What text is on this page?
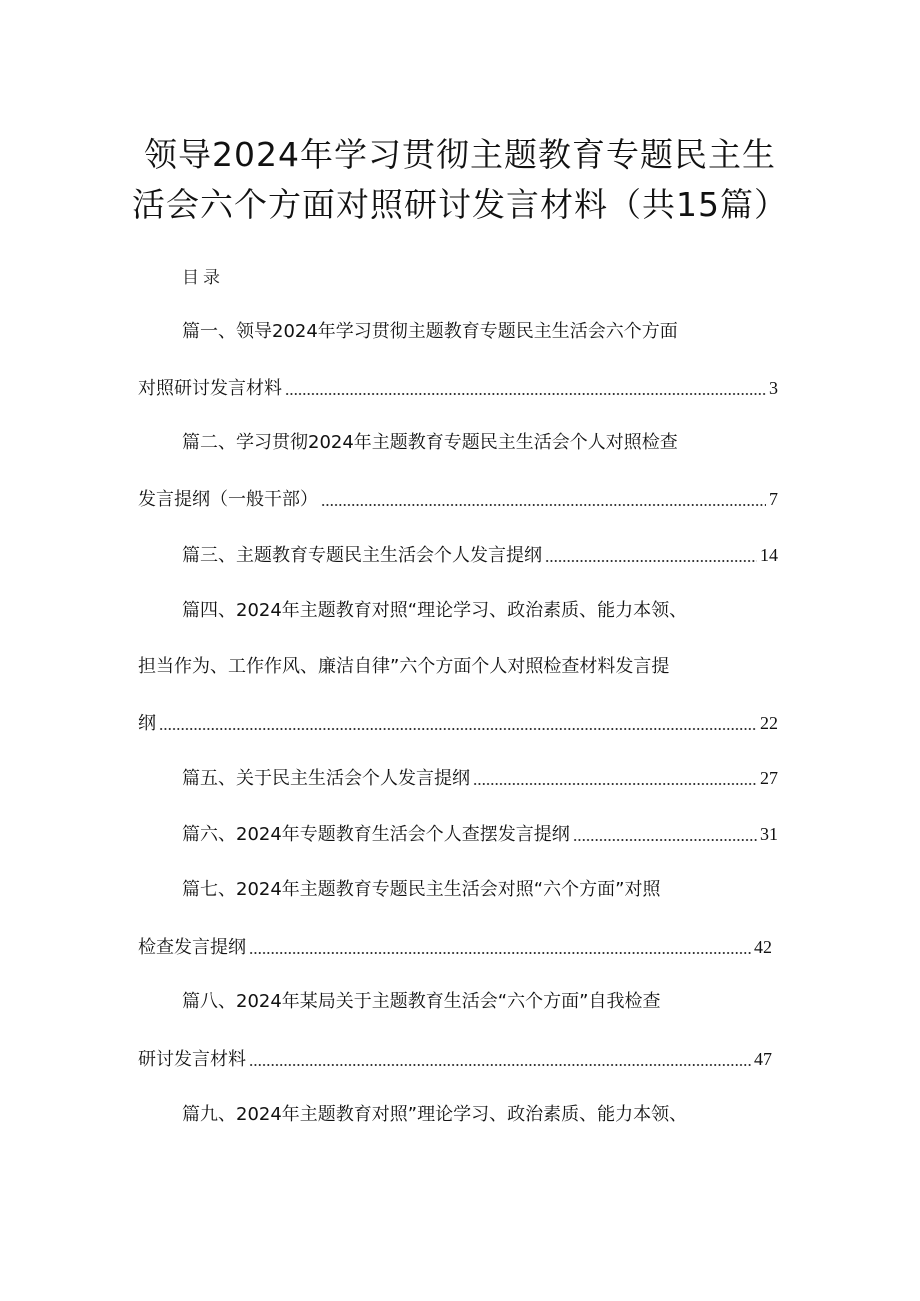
领导2024年学习贯彻主题教育专题民主生
活会六个方面对照研讨发言材料（共15篇）
目录
篇一、领导2024年学习贯彻主题教育专题民主生活会六个方面
对照研讨发言材料	3
篇二、学习贯彻2024年主题教育专题民主生活会个人对照检查
发言提纲（一般干部）	7
篇三、主题教育专题民主生活会个人发言提纲	14
篇四、2024年主题教育对照“理论学习、政治素质、能力本领、
担当作为、工作作风、廉洁自律”六个方面个人对照检查材料发言提
纲	22
篇五、关于民主生活会个人发言提纲	27
篇六、2024年专题教育生活会个人查摆发言提纲	31
篇七、2024年主题教育专题民主生活会对照“六个方面”对照
检查发言提纲	42
篇八、2024年某局关于主题教育生活会“六个方面”自我检查
研讨发言材料	47
篇九、2024年主题教育对照”理论学习、政治素质、能力本领、
